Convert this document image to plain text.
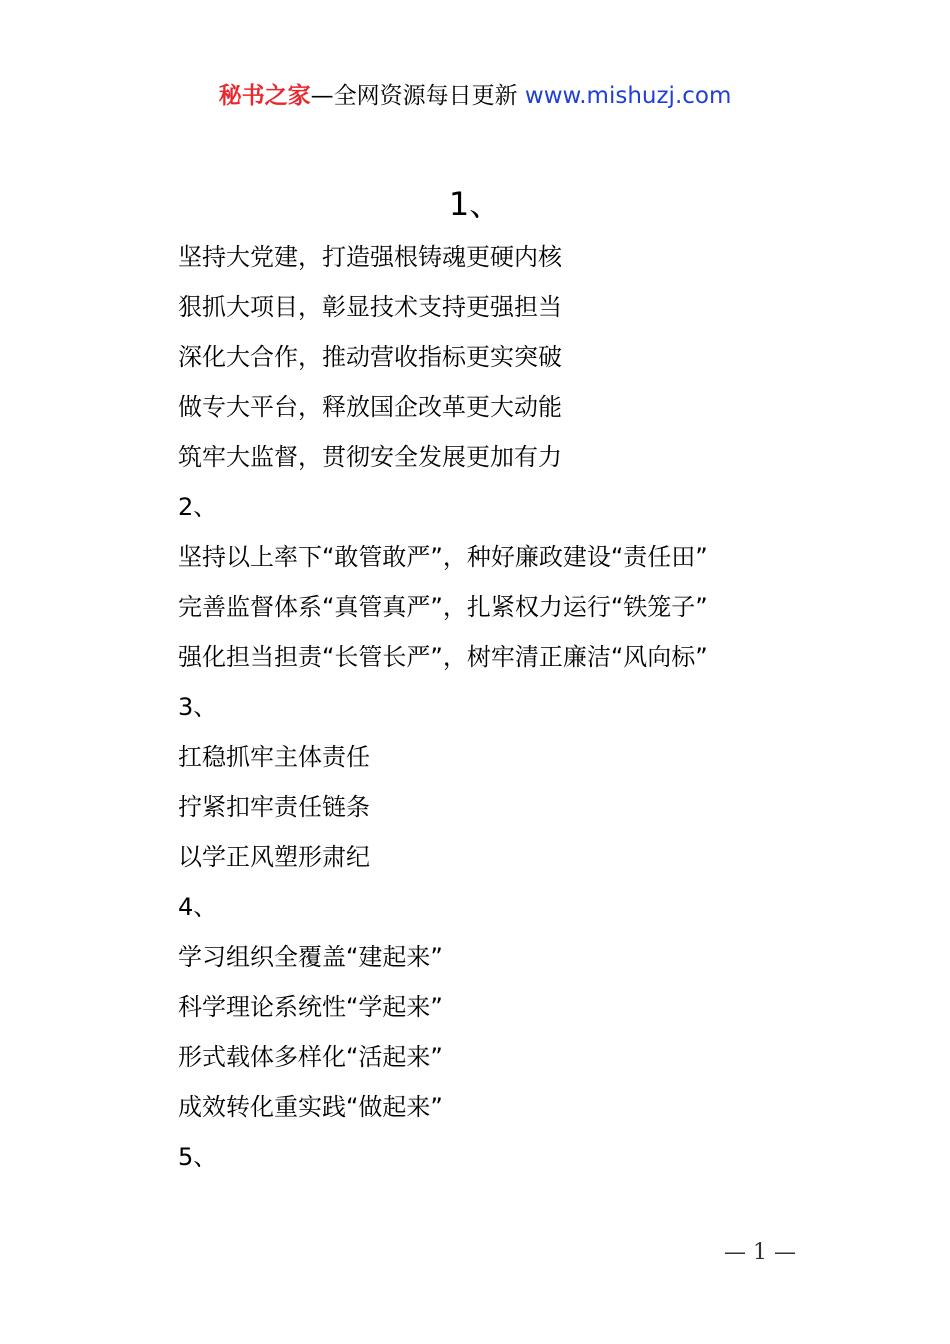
秘书之家—全网资源每日更新 www.mishuzj.com
1、
坚持大党建，打造强根铸魂更硬内核
狠抓大项目，彰显技术支持更强担当
深化大合作，推动营收指标更实突破
做专大平台，释放国企改革更大动能
筑牢大监督，贯彻安全发展更加有力
2、
坚持以上率下“敢管敢严”，种好廉政建设“责任田”
完善监督体系“真管真严”，扎紧权力运行“铁笼子”
强化担当担责“长管长严”，树牢清正廉洁“风向标”
3、
扛稳抓牢主体责任
拧紧扣牢责任链条
以学正风塑形肃纪
4、
学习组织全覆盖“建起来”
科学理论系统性“学起来”
形式载体多样化“活起来”
成效转化重实践“做起来”
5、
— 1 —
